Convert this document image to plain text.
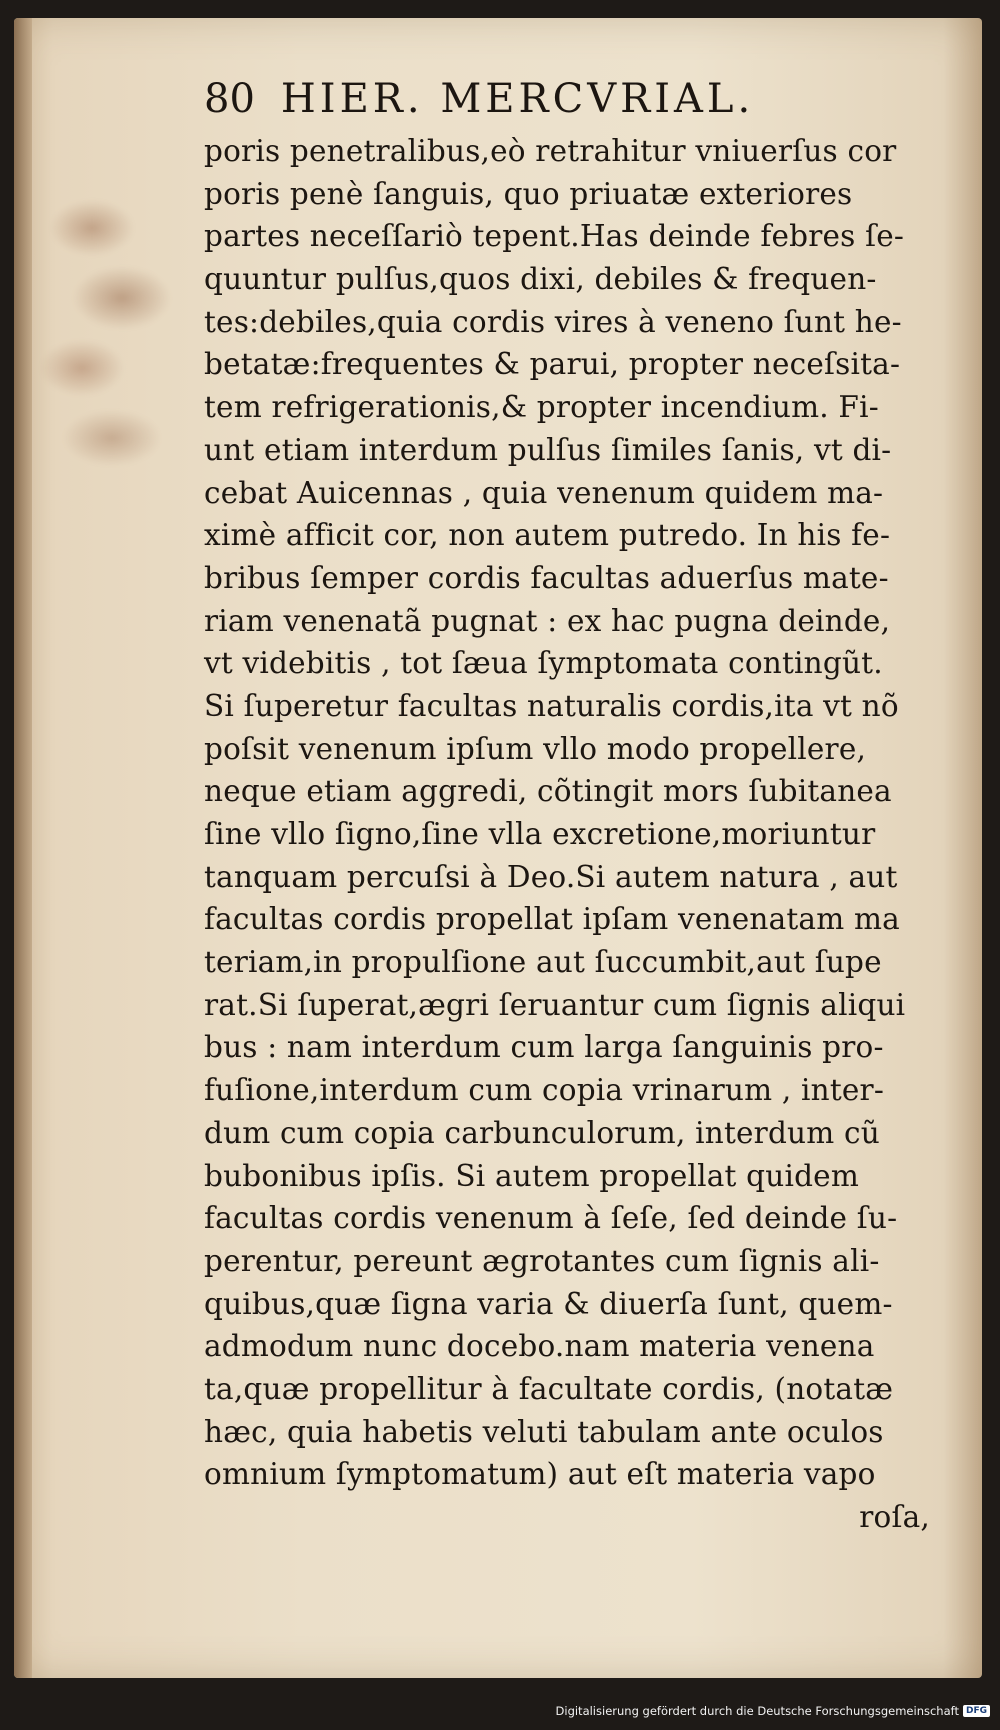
80 HIER. MERCVRIAL.
poris penetralibus,eò retrahitur vniuerſus cor
poris penè ſanguis, quo priuatæ exteriores
partes neceſſariò tepent.Has deinde febres ſe-
quuntur pulſus,quos dixi, debiles & frequen-
tes:debiles,quia cordis vires à veneno ſunt he-
betatæ:frequentes & parui, propter neceſsita-
tem refrigerationis,& propter incendium. Fi-
unt etiam interdum pulſus ſimiles ſanis, vt di-
cebat Auicennas , quia venenum quidem ma-
ximè afficit cor, non autem putredo. In his fe-
bribus ſemper cordis facultas aduerſus mate-
riam venenatã pugnat : ex hac pugna deinde,
vt videbitis , tot ſæua ſymptomata contingũt.
Si ſuperetur facultas naturalis cordis,ita vt nõ
poſsit venenum ipſum vllo modo propellere,
neque etiam aggredi, cõtingit mors ſubitanea
ſine vllo ſigno,ſine vlla excretione,moriuntur
tanquam percuſsi à Deo.Si autem natura , aut
facultas cordis propellat ipſam venenatam ma
teriam,in propulſione aut ſuccumbit,aut ſupe
rat.Si ſuperat,ægri ſeruantur cum ſignis aliqui
bus : nam interdum cum larga ſanguinis pro-
fuſione,interdum cum copia vrinarum , inter-
dum cum copia carbunculorum, interdum cũ
bubonibus ipſis. Si autem propellat quidem
facultas cordis venenum à ſeſe, ſed deinde ſu-
perentur, pereunt ægrotantes cum ſignis ali-
quibus,quæ ſigna varia & diuerſa ſunt, quem-
admodum nunc docebo.nam materia venena
ta,quæ propellitur à facultate cordis, (notatæ
hæc, quia habetis veluti tabulam ante oculos
omnium ſymptomatum) aut eſt materia vapo
roſa,
Digitalisierung gefördert durch die Deutsche Forschungsgemeinschaft DFG
